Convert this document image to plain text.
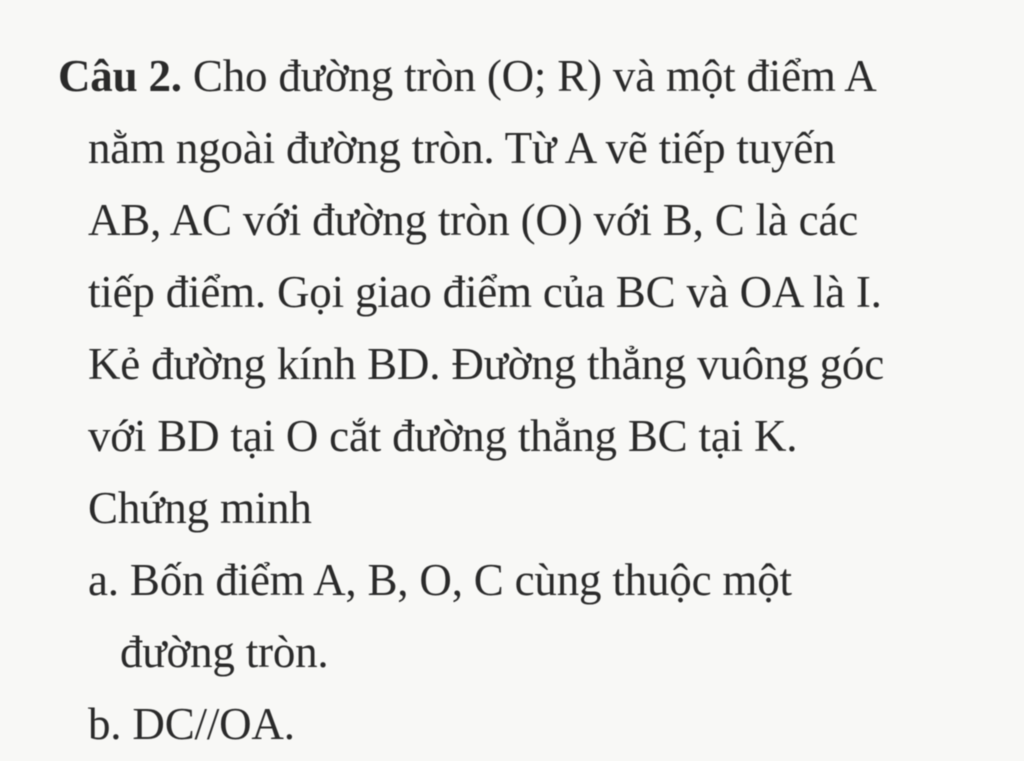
Câu 2. Cho đường tròn (O; R) và một điểm A
nằm ngoài đường tròn. Từ A vẽ tiếp tuyến
AB, AC với đường tròn (O) với B, C là các
tiếp điểm. Gọi giao điểm của BC và OA là I.
Kẻ đường kính BD. Đường thẳng vuông góc
với BD tại O cắt đường thẳng BC tại K.
Chứng minh
a. Bốn điểm A, B, O, C cùng thuộc một
đường tròn.
b. DC//OA.
